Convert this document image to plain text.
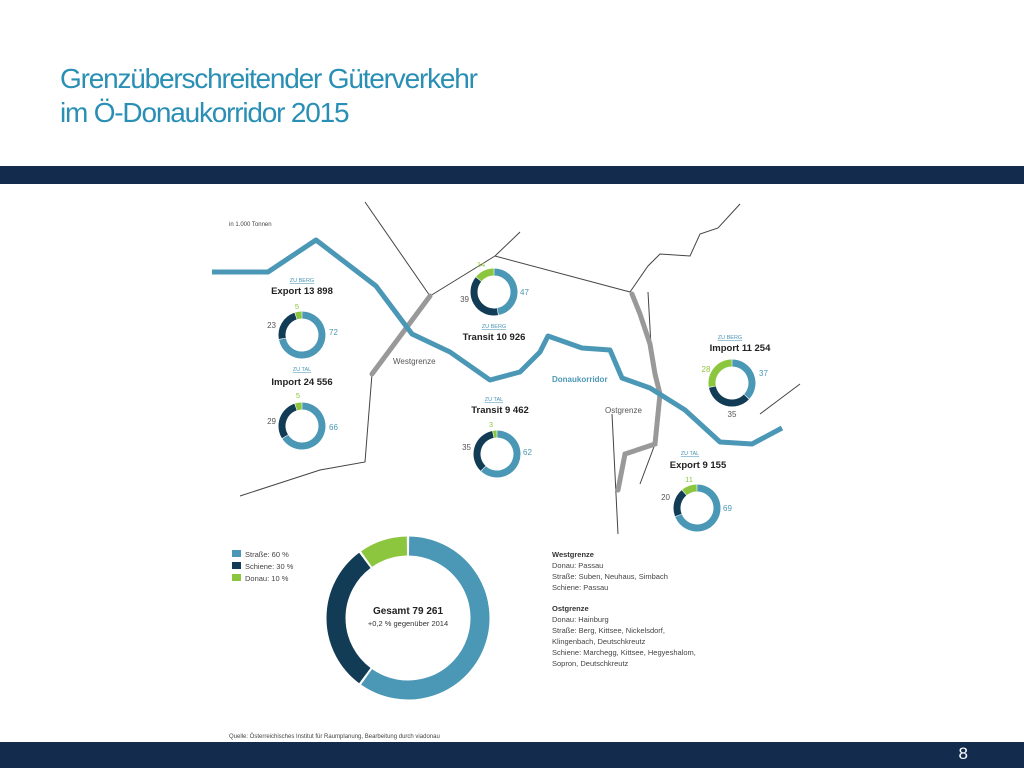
Grenzüberschreitender Güterverkehr
im Ö-Donaukorridor 2015
in 1.000 Tonnen
Westgrenze
Ostgrenze
Donaukorridor
ZU BERG
Export 13 898
23
5
72
ZU TAL
Import 24 556
29
5
66
14
39
47
ZU BERG
Transit 10 926
ZU TAL
Transit 9 462
3
35
62
ZU BERG
Import 11 254
28	37
35
ZU TAL
Export 9 155
11
20
69
Straße: 60 %
Schiene: 30 %
Donau: 10 %
Gesamt 79 261
+0,2 % gegenüber 2014
Westgrenze
Donau: Passau
Straße: Suben, Neuhaus, Simbach
Schiene: Passau
Ostgrenze
Donau: Hainburg
Straße: Berg, Kittsee, Nickelsdorf,
Klingenbach, Deutschkreutz
Schiene: Marchegg, Kittsee, Hegyeshalom,
Sopron, Deutschkreutz
Quelle: Österreichisches Institut für Raumplanung, Bearbeitung durch viadonau
8
